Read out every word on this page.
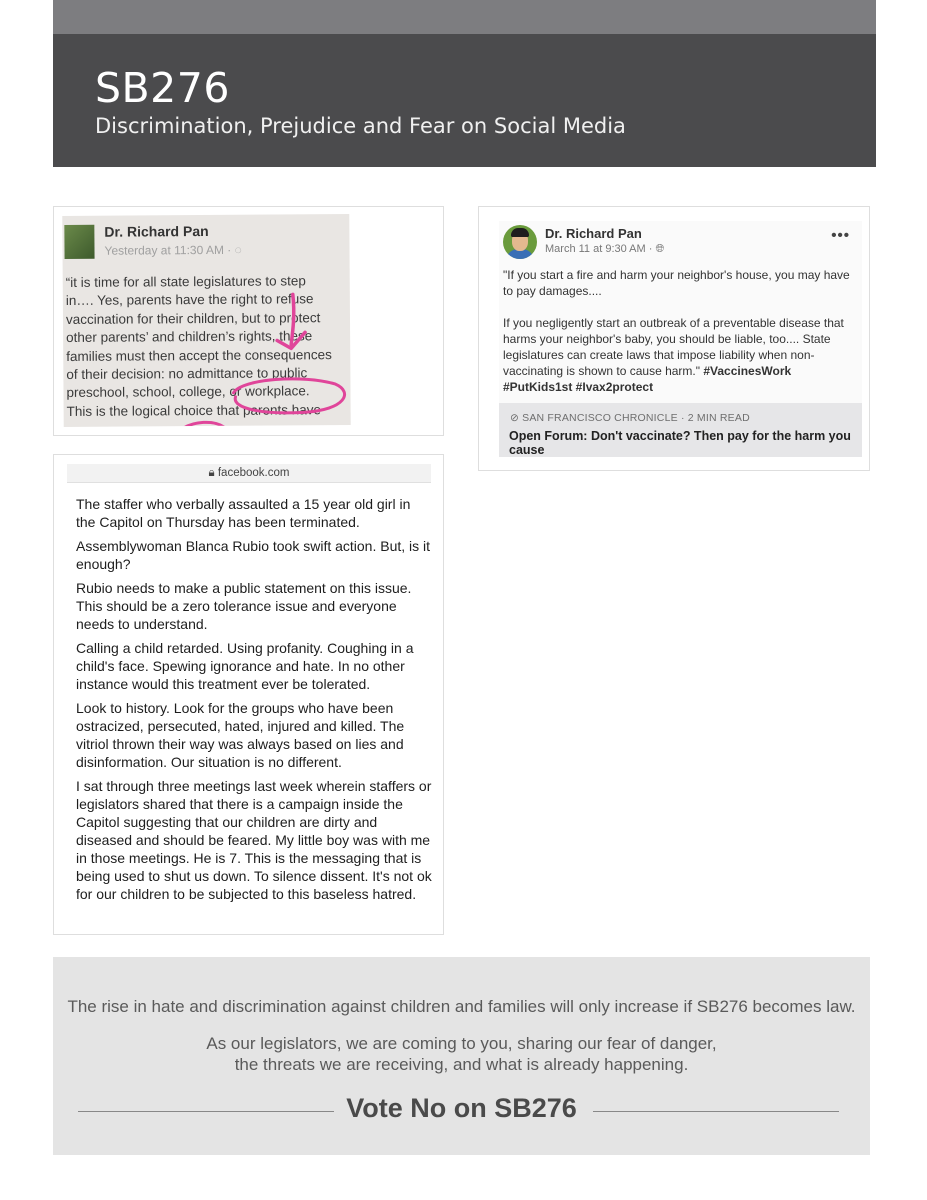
SB276
Discrimination, Prejudice and Fear on Social Media
Dr. Richard Pan
Yesterday at 11:30 AM · ◌
“it is time for all state legislatures to step
in…. Yes, parents have the right to refuse
vaccination for their children, but to protect
other parents’ and children’s rights, these
families must then accept the consequences
of their decision: no admittance to public
preschool, school, college, or workplace.
This is the logical choice that parents have
Dr. Richard Pan
March 11 at 9:30 AM · 🌐︎
•••

"If you start a fire and harm your neighbor's house, you may have to pay damages....

If you negligently start an outbreak of a preventable disease that harms your neighbor's baby, you should be liable, too.... State legislatures can create laws that impose liability when non-vaccinating is shown to cause harm." #VaccinesWork #PutKids1st #Ivax2protect

⊘ SAN FRANCISCO CHRONICLE · 2 MIN READ
Open Forum: Don't vaccinate? Then pay for the harm you cause
🔒︎ facebook.com

The staffer who verbally assaulted a 15 year old girl in the Capitol on Thursday has been terminated.

Assemblywoman Blanca Rubio took swift action. But, is it enough?

Rubio needs to make a public statement on this issue. This should be a zero tolerance issue and everyone needs to understand.

Calling a child retarded. Using profanity. Coughing in a child's face. Spewing ignorance and hate. In no other instance would this treatment ever be tolerated.

Look to history. Look for the groups who have been ostracized, persecuted, hated, injured and killed. The vitriol thrown their way was always based on lies and disinformation. Our situation is no different.

I sat through three meetings last week wherein staffers or legislators shared that there is a campaign inside the Capitol suggesting that our children are dirty and diseased and should be feared. My little boy was with me in those meetings. He is 7. This is the messaging that is being used to shut us down. To silence dissent. It's not ok for our children to be subjected to this baseless hatred.

The rise in hate and discrimination against children and families will only increase if SB276 becomes law.
As our legislators, we are coming to you, sharing our fear of danger,
the threats we are receiving, and what is already happening.
Vote No on SB276
